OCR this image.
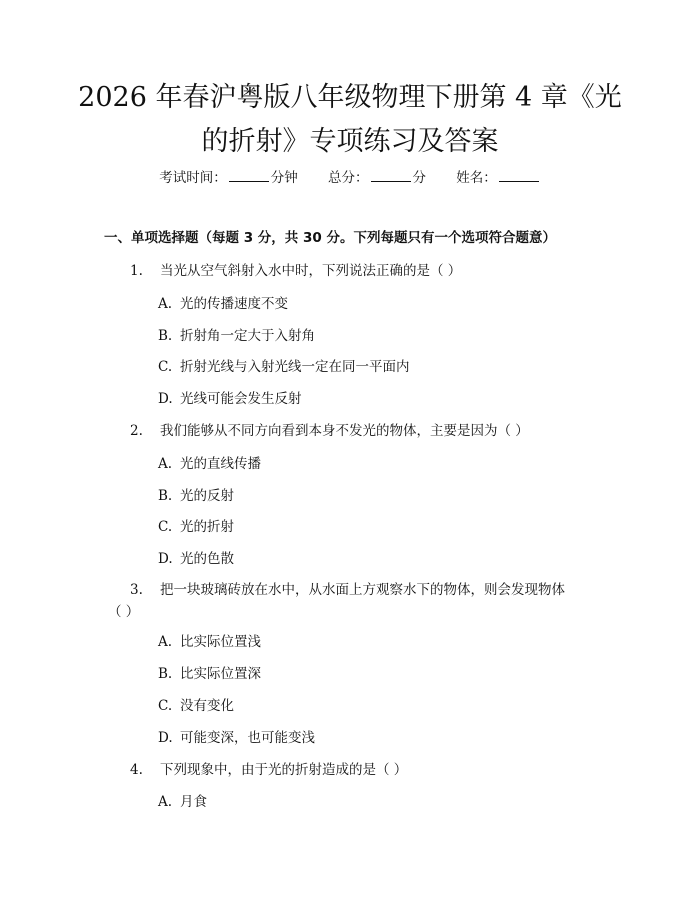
2026 年春沪粤版八年级物理下册第 4 章《光
的折射》专项练习及答案
考试时间：	分钟 总分：	分 姓名：
一、单项选择题（每题 3 分，共 30 分。下列每题只有一个选项符合题意）
1. 当光从空气斜射入水中时，下列说法正确的是（ ）
A. 光的传播速度不变
B. 折射角一定大于入射角
C. 折射光线与入射光线一定在同一平面内
D. 光线可能会发生反射
2. 我们能够从不同方向看到本身不发光的物体，主要是因为（ ）
A. 光的直线传播
B. 光的反射
C. 光的折射
D. 光的色散
3. 把一块玻璃砖放在水中，从水面上方观察水下的物体，则会发现物体
（ ）
A. 比实际位置浅
B. 比实际位置深
C. 没有变化
D. 可能变深，也可能变浅
4. 下列现象中，由于光的折射造成的是（ ）
A. 月食
